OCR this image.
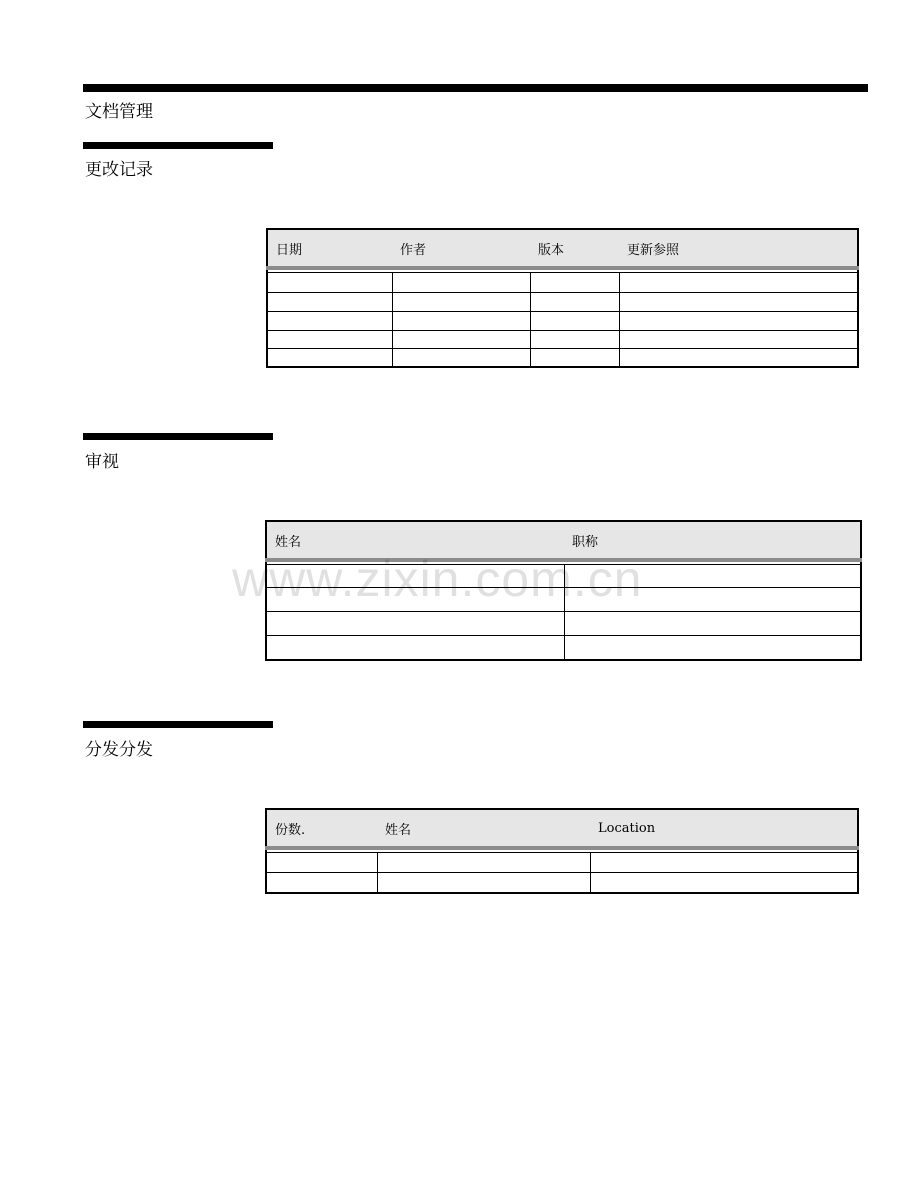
文档管理
更改记录
日期	作者	版本	更新参照

审视
姓名	职称

www.zixin.com.cn
分发分发
份数.	姓名	Location
